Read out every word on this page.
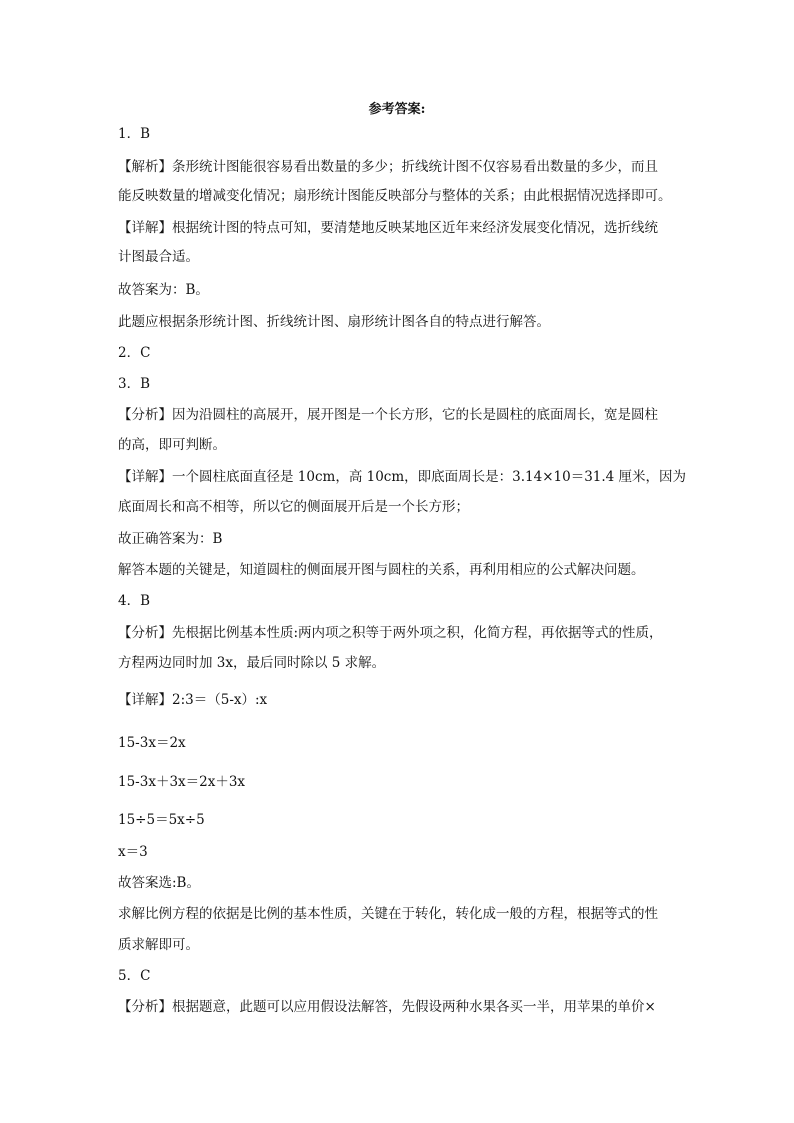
参考答案:
1．B
【解析】条形统计图能很容易看出数量的多少；折线统计图不仅容易看出数量的多少，而且
能反映数量的增减变化情况；扇形统计图能反映部分与整体的关系；由此根据情况选择即可。
【详解】根据统计图的特点可知，要清楚地反映某地区近年来经济发展变化情况，选折线统
计图最合适。
故答案为：B。
此题应根据条形统计图、折线统计图、扇形统计图各自的特点进行解答。
2．C
3．B
【分析】因为沿圆柱的高展开，展开图是一个长方形，它的长是圆柱的底面周长，宽是圆柱
的高，即可判断。
【详解】一个圆柱底面直径是 10cm，高 10cm，即底面周长是：3.14×10＝31.4 厘米，因为
底面周长和高不相等，所以它的侧面展开后是一个长方形；
故正确答案为：B
解答本题的关键是，知道圆柱的侧面展开图与圆柱的关系，再利用相应的公式解决问题。
4．B
【分析】先根据比例基本性质:两内项之积等于两外项之积，化简方程，再依据等式的性质，
方程两边同时加 3x，最后同时除以 5 求解。
【详解】2:3＝（5-x）:x
15-3x＝2x
15-3x＋3x＝2x＋3x
15÷5＝5x÷5
x＝3
故答案选:B。
求解比例方程的依据是比例的基本性质，关键在于转化，转化成一般的方程，根据等式的性
质求解即可。
5．C
【分析】根据题意，此题可以应用假设法解答，先假设两种水果各买一半，用苹果的单价×
